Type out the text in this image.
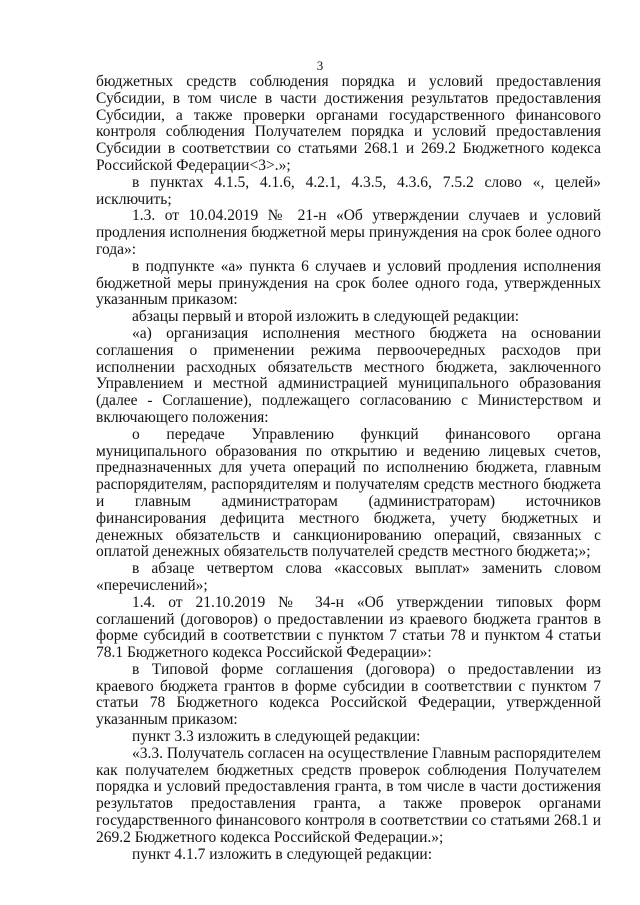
3

бюджетных средств соблюдения порядка и условий предоставления Субсидии, в том числе в части достижения результатов предоставления Субсидии, а также проверки органами государственного финансового контроля соблюдения Получателем порядка и условий предоставления Субсидии в соответствии со статьями 268.1 и 269.2 Бюджетного кодекса Российской Федерации<3>.»;

в пунктах 4.1.5, 4.1.6, 4.2.1, 4.3.5, 4.3.6, 7.5.2 слово «, целей» исключить;

1.3. от 10.04.2019 № 21-н «Об утверждении случаев и условий продления исполнения бюджетной меры принуждения на срок более одного года»:

в подпункте «а» пункта 6 случаев и условий продления исполнения бюджетной меры принуждения на срок более одного года, утвержденных указанным приказом:

абзацы первый и второй изложить в следующей редакции:

«а) организация исполнения местного бюджета на основании соглашения о применении режима первоочередных расходов при исполнении расходных обязательств местного бюджета, заключенного Управлением и местной администрацией муниципального образования (далее - Соглашение), подлежащего согласованию с Министерством и включающего положения:

о передаче Управлению функций финансового органа муниципального образования по открытию и ведению лицевых счетов, предназначенных для учета операций по исполнению бюджета, главным распорядителям, распорядителям и получателям средств местного бюджета и главным администраторам (администраторам) источников финансирования дефицита местного бюджета, учету бюджетных и денежных обязательств и санкционированию операций, связанных с оплатой денежных обязательств получателей средств местного бюджета;»;

в абзаце четвертом слова «кассовых выплат» заменить словом «перечислений»;

1.4. от 21.10.2019 № 34-н «Об утверждении типовых форм соглашений (договоров) о предоставлении из краевого бюджета грантов в форме субсидий в соответствии с пунктом 7 статьи 78 и пунктом 4 статьи 78.1 Бюджетного кодекса Российской Федерации»:

в Типовой форме соглашения (договора) о предоставлении из краевого бюджета грантов в форме субсидии в соответствии с пунктом 7 статьи 78 Бюджетного кодекса Российской Федерации, утвержденной указанным приказом:

пункт 3.3 изложить в следующей редакции:

«3.3. Получатель согласен на осуществление Главным распорядителем как получателем бюджетных средств проверок соблюдения Получателем порядка и условий предоставления гранта, в том числе в части достижения результатов предоставления гранта, а также проверок органами государственного финансового контроля в соответствии со статьями 268.1 и 269.2 Бюджетного кодекса Российской Федерации.»;

пункт 4.1.7 изложить в следующей редакции:
